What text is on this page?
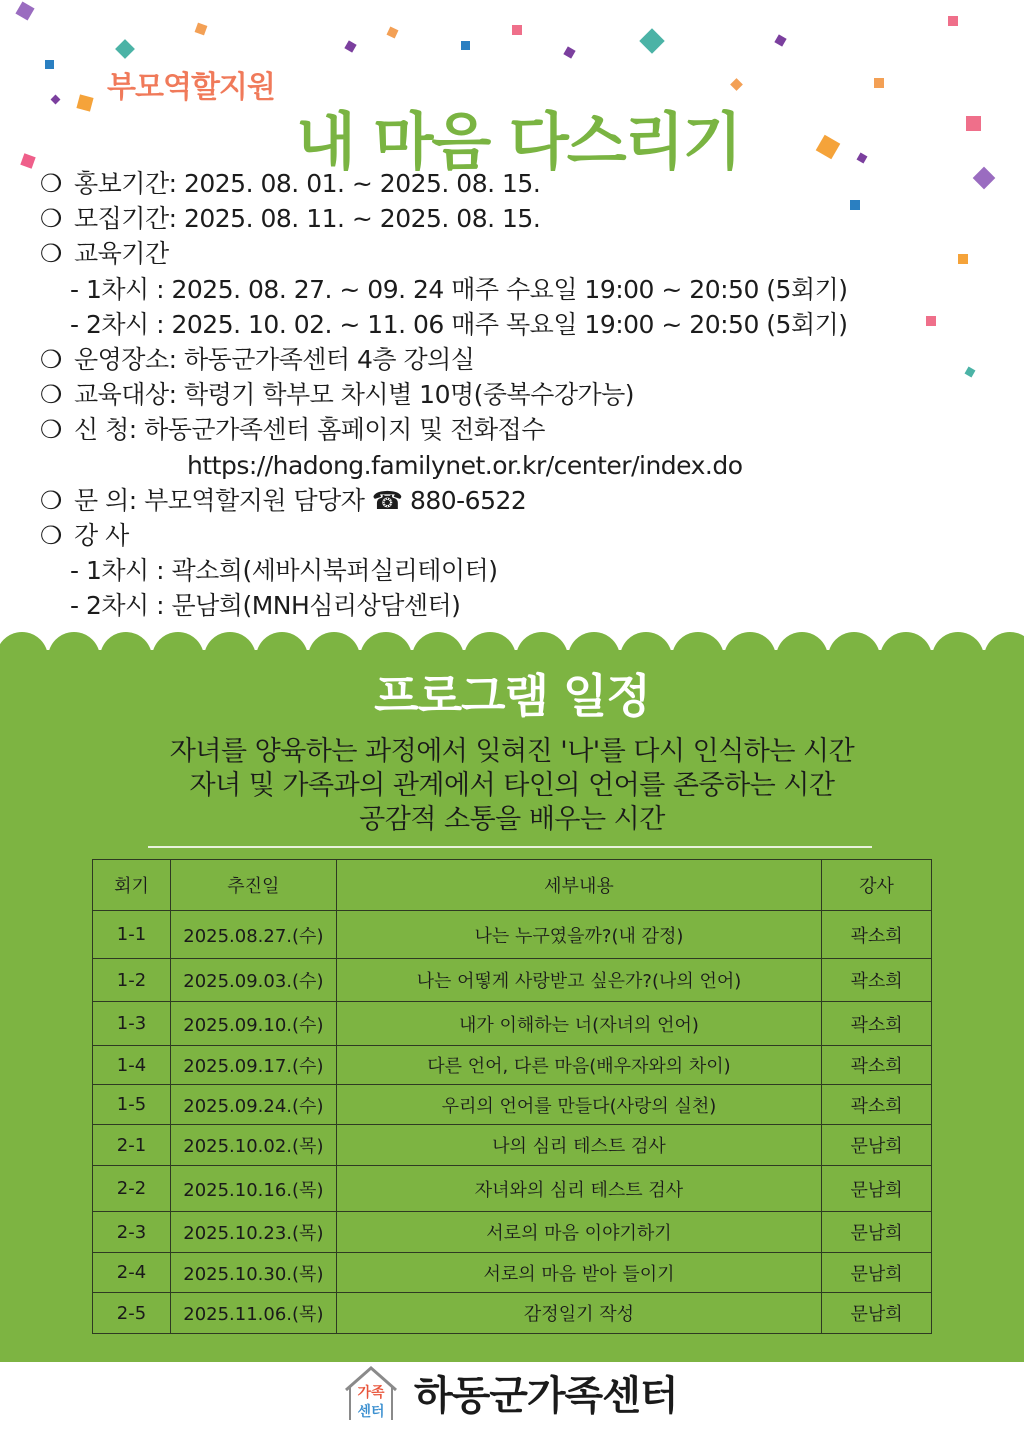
부모역할지원
내 마음 다스리기
❍ 홍보기간: 2025. 08. 01. ~ 2025. 08. 15.
❍ 모집기간: 2025. 08. 11. ~ 2025. 08. 15.
❍ 교육기간
- 1차시 : 2025. 08. 27. ~ 09. 24 매주 수요일 19:00 ~ 20:50 (5회기)
- 2차시 : 2025. 10. 02. ~ 11. 06 매주 목요일 19:00 ~ 20:50 (5회기)
❍ 운영장소: 하동군가족센터 4층 강의실
❍ 교육대상: 학령기 학부모 차시별 10명(중복수강가능)
❍ 신 청: 하동군가족센터 홈페이지 및 전화접수
https://hadong.familynet.or.kr/center/index.do
❍ 문 의: 부모역할지원 담당자 ☎ 880-6522
❍ 강 사
- 1차시 : 곽소희(세바시북퍼실리테이터)
- 2차시 : 문남희(MNH심리상담센터)
프로그램 일정
자녀를 양육하는 과정에서 잊혀진 '나'를 다시 인식하는 시간
자녀 및 가족과의 관계에서 타인의 언어를 존중하는 시간
공감적 소통을 배우는 시간
회기	추진일	세부내용	강사
1-1	2025.08.27.(수)	나는 누구였을까?(내 감정)	곽소희
1-2	2025.09.03.(수)	나는 어떻게 사랑받고 싶은가?(나의 언어)	곽소희
1-3	2025.09.10.(수)	내가 이해하는 너(자녀의 언어)	곽소희
1-4	2025.09.17.(수)	다른 언어, 다른 마음(배우자와의 차이)	곽소희
1-5	2025.09.24.(수)	우리의 언어를 만들다(사랑의 실천)	곽소희
2-1	2025.10.02.(목)	나의 심리 테스트 검사	문남희
2-2	2025.10.16.(목)	자녀와의 심리 테스트 검사	문남희
2-3	2025.10.23.(목)	서로의 마음 이야기하기	문남희
2-4	2025.10.30.(목)	서로의 마음 받아 들이기	문남희
2-5	2025.11.06.(목)	감정일기 작성	문남희
가족
센터 하동군가족센터
